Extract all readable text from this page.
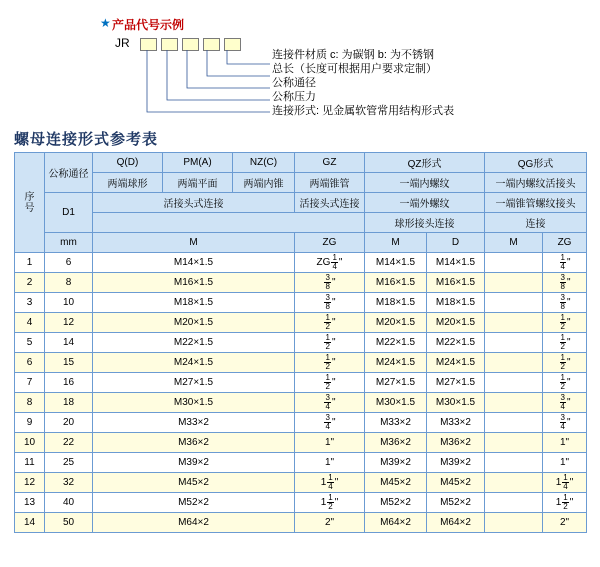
★ 产品代号示例
JR
连接件材质 c: 为碳钢 b: 为不锈钢
总长（长度可根据用户要求定制）
公称通径
公称压力
连接形式: 见金属软管常用结构形式表
螺母连接形式参考表
序
号	公称通径	Q(D)	PM(A)	NZ(C)	GZ	QZ形式		QG形式	
		两端球形	两端平面	两端内锥	两端锥管	一端内螺纹		一端内螺纹活接头	
	D1	活接头式连接			活接头式连接	一端外螺纹		一端锥管螺纹接头	
						球形接头连接		连接	
	mm	M			ZG	M	D	M	ZG
1	6	M14×1.5			ZG $\frac{1}{4}$ "	M14×1.5	M14×1.5		$\frac{1}{4}$ "
2	8	M16×1.5			$\frac{3}{8}$ "	M16×1.5	M16×1.5		$\frac{3}{8}$ "
3	10	M18×1.5			$\frac{3}{8}$ "	M18×1.5	M18×1.5		$\frac{3}{8}$ "
4	12	M20×1.5			$\frac{1}{2}$ "	M20×1.5	M20×1.5		$\frac{1}{2}$ "
5	14	M22×1.5			$\frac{1}{2}$ "	M22×1.5	M22×1.5		$\frac{1}{2}$ "
6	15	M24×1.5			$\frac{1}{2}$ "	M24×1.5	M24×1.5		$\frac{1}{2}$ "
7	16	M27×1.5			$\frac{1}{2}$ "	M27×1.5	M27×1.5		$\frac{1}{2}$ "
8	18	M30×1.5			$\frac{3}{4}$ "	M30×1.5	M30×1.5		$\frac{3}{4}$ "
9	20	M33×2			$\frac{3}{4}$ "	M33×2	M33×2		$\frac{3}{4}$ "
10	22	M36×2			1"	M36×2	M36×2		1"
11	25	M39×2			1"	M39×2	M39×2		1"
12	32	M45×2			$1 \frac{1}{4}$ "	M45×2	M45×2		$1 \frac{1}{4}$ "
13	40	M52×2			$1 \frac{1}{2}$ "	M52×2	M52×2		$1 \frac{1}{2}$ "
14	50	M64×2			2"	M64×2	M64×2		2"
